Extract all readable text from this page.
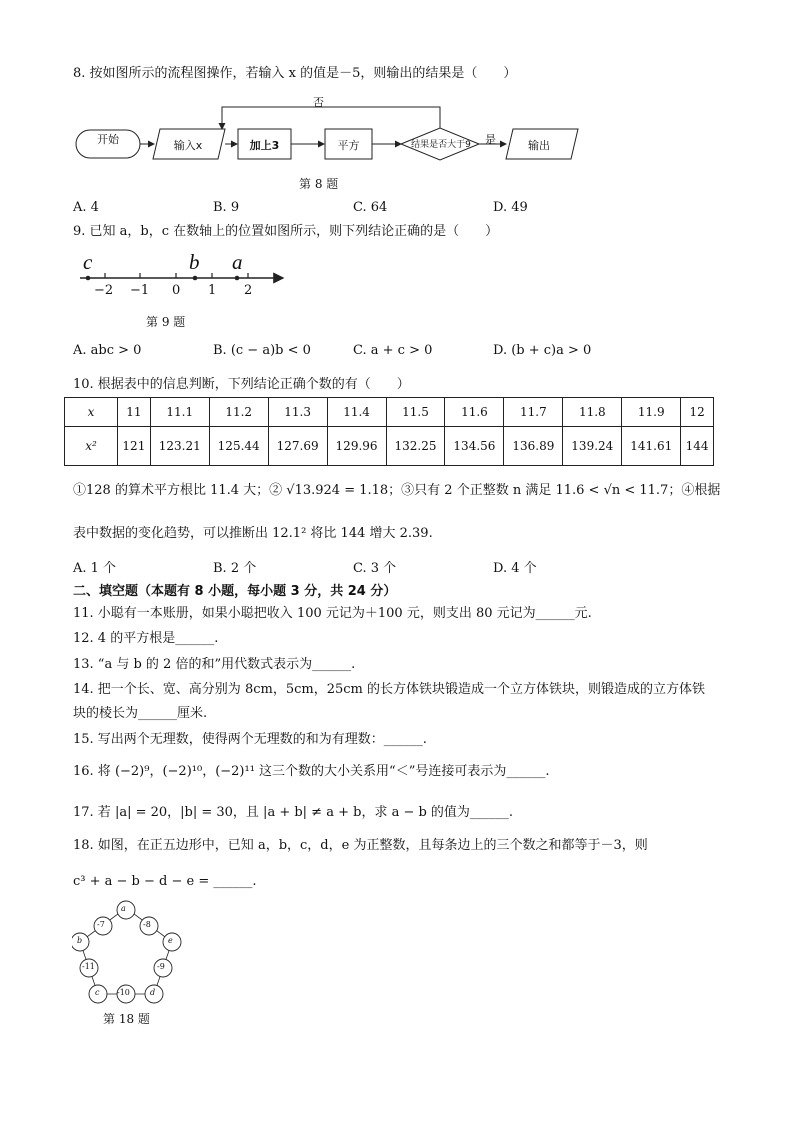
8. 按如图所示的流程图操作，若输入 x 的值是－5，则输出的结果是（　　）
开始	输入x	加上3	平方	结果是否大于9	输出
是
否
第 8 题
A. 4	B. 9	C. 64	D. 49
9. 已知 a，b，c 在数轴上的位置如图所示，则下列结论正确的是（　　）
c	b a
−2 −1 0 1 2
第 9 题
A. abc > 0	B. (c − a)b < 0	C. a + c > 0	D. (b + c)a > 0
10. 根据表中的信息判断，下列结论正确个数的有（　　）
x	11	11.1	11.2	11.3	11.4	11.5	11.6	11.7	11.8	11.9	12
x²	121	123.21	125.44	127.69	129.96	132.25	134.56	136.89	139.24	141.61	144
①128 的算术平方根比 11.4 大；② √13.924 = 1.18；③只有 2 个正整数 n 满足 11.6 < √n < 11.7；④根据
表中数据的变化趋势，可以推断出 12.1² 将比 144 增大 2.39.
A. 1 个	B. 2 个	C. 3 个	D. 4 个
二、填空题（本题有 8 小题，每小题 3 分，共 24 分）
11. 小聪有一本账册，如果小聪把收入 100 元记为＋100 元，则支出 80 元记为______元.
12. 4 的平方根是______.
13. “a 与 b 的 2 倍的和”用代数式表示为______.
14. 把一个长、宽、高分别为 8cm，5cm，25cm 的长方体铁块锻造成一个立方体铁块，则锻造成的立方体铁
块的棱长为______厘米.
15. 写出两个无理数，使得两个无理数的和为有理数：______.
16. 将 (−2)⁹，(−2)¹⁰，(−2)¹¹ 这三个数的大小关系用“＜”号连接可表示为______.
17. 若 |a| = 20，|b| = 30，且 |a + b| ≠ a + b，求 a − b 的值为______.
18. 如图，在正五边形中，已知 a，b，c，d，e 为正整数，且每条边上的三个数之和都等于－3，则
c³ + a − b − d − e = ______.
a
-8
e
-9
d
-10
c
-11
b
-7
第 18 题
